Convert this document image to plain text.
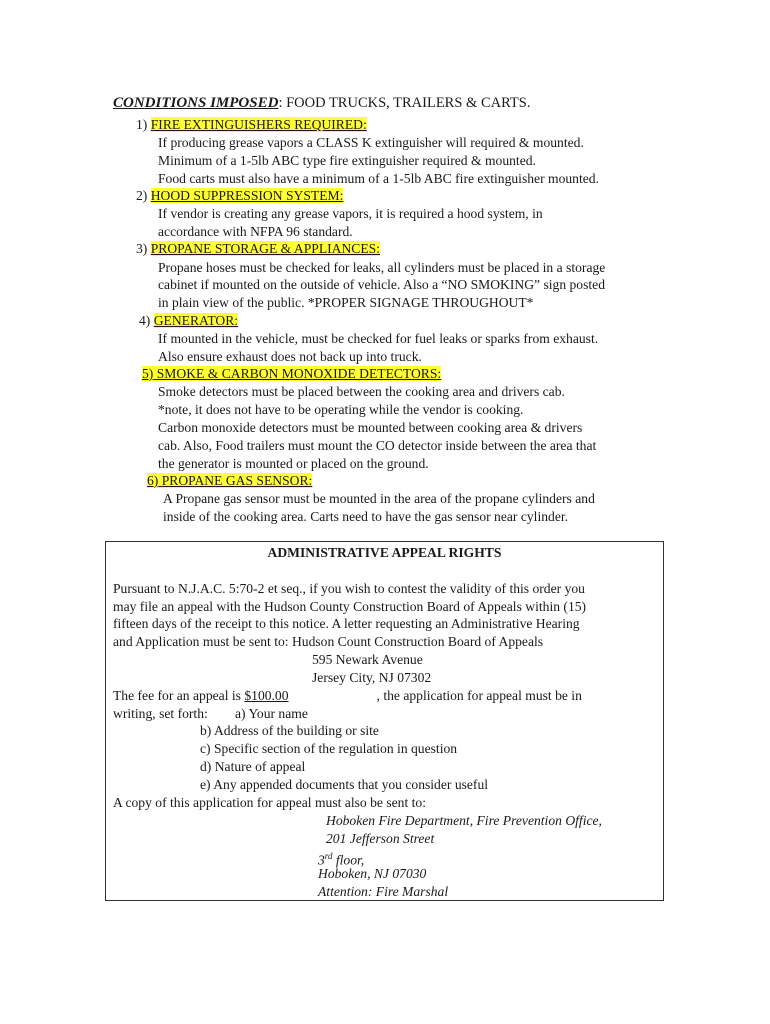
CONDITIONS IMPOSED: FOOD TRUCKS, TRAILERS & CARTS.
1) FIRE EXTINGUISHERS REQUIRED:
If producing grease vapors a CLASS K extinguisher will required & mounted.
Minimum of a 1-5lb ABC type fire extinguisher required & mounted.
Food carts must also have a minimum of a 1-5lb ABC fire extinguisher mounted.
2) HOOD SUPPRESSION SYSTEM:
If vendor is creating any grease vapors, it is required a hood system, in
accordance with NFPA 96 standard.
3) PROPANE STORAGE & APPLIANCES:
Propane hoses must be checked for leaks, all cylinders must be placed in a storage
cabinet if mounted on the outside of vehicle. Also a “NO SMOKING” sign posted
in plain view of the public. *PROPER SIGNAGE THROUGHOUT*
4) GENERATOR:
If mounted in the vehicle, must be checked for fuel leaks or sparks from exhaust.
Also ensure exhaust does not back up into truck.
5) SMOKE & CARBON MONOXIDE DETECTORS:
Smoke detectors must be placed between the cooking area and drivers cab.
*note, it does not have to be operating while the vendor is cooking.
Carbon monoxide detectors must be mounted between cooking area & drivers
cab. Also, Food trailers must mount the CO detector inside between the area that
the generator is mounted or placed on the ground.
6) PROPANE GAS SENSOR:
A Propane gas sensor must be mounted in the area of the propane cylinders and
inside of the cooking area. Carts need to have the gas sensor near cylinder.
ADMINISTRATIVE APPEAL RIGHTS
Pursuant to N.J.A.C. 5:70-2 et seq., if you wish to contest the validity of this order you
may file an appeal with the Hudson County Construction Board of Appeals within (15)
fifteen days of the receipt to this notice. A letter requesting an Administrative Hearing
and Application must be sent to: Hudson Count Construction Board of Appeals
595 Newark Avenue
Jersey City, NJ 07302
The fee for an appeal is $100.00	, the application for appeal must be in
writing, set forth: a) Your name
b) Address of the building or site
c) Specific section of the regulation in question
d) Nature of appeal
e) Any appended documents that you consider useful
A copy of this application for appeal must also be sent to:
Hoboken Fire Department, Fire Prevention Office,
201 Jefferson Street
3rd floor,
Hoboken, NJ 07030
Attention: Fire Marshal
